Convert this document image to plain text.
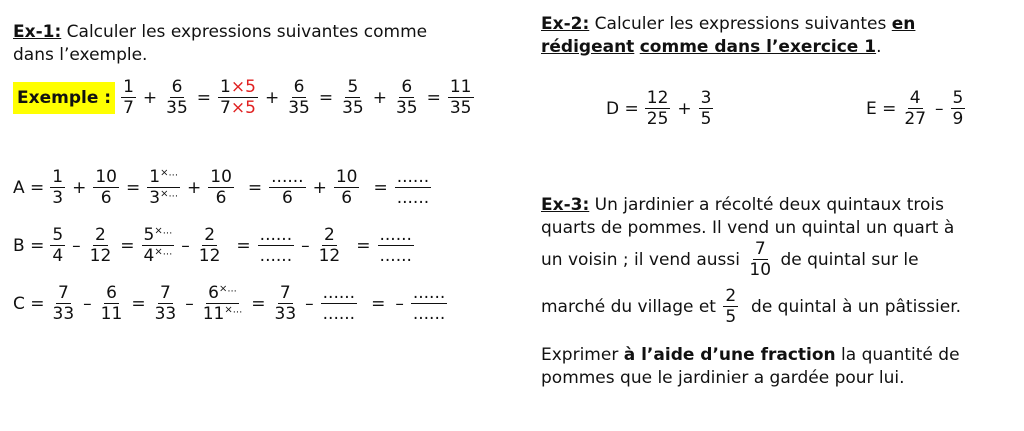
Ex-1: Calculer les expressions suivantes comme
dans l’exemple.
Exemple : $\frac{1}{7} + \frac{6}{35} = \frac{1\times 5}{7\times 5} + \frac{6}{35} = \frac{5}{35} + \frac{6}{35} = \frac{11}{35}$
$A = \frac{1}{3} + \frac{10}{6} = \frac{1^{\times...}}{3^{\times...}} + \frac{10}{6} = \frac{......}{6} + \frac{10}{6} = \frac{......}{......}$
$B = \frac{5}{4} - \frac{2}{12} = \frac{5^{\times...}}{4^{\times...}} - \frac{2}{12} = \frac{......}{......} - \frac{2}{12} = \frac{......}{......}$
$C = \frac{7}{33} - \frac{6}{11} = \frac{7}{33} - \frac{6^{\times...}}{11^{\times...}} = \frac{7}{33} - \frac{......}{......}$ = – $\frac{......}{......}$
Ex-2: Calculer les expressions suivantes en
rédigeant comme dans l’exercice 1.
$D = \frac{12}{25} + \frac{3}{5}$	$E = \frac{4}{27} - \frac{5}{9}$
Ex-3: Un jardinier a récolté deux quintaux trois
quarts de pommes. Il vend un quintal un quart à
un voisin ; il vend aussi $\frac{7}{10}$ de quintal sur le
marché du village et $\frac{2}{5}$ de quintal à un pâtissier.
Exprimer à l’aide d’une fraction la quantité de
pommes que le jardinier a gardée pour lui.
